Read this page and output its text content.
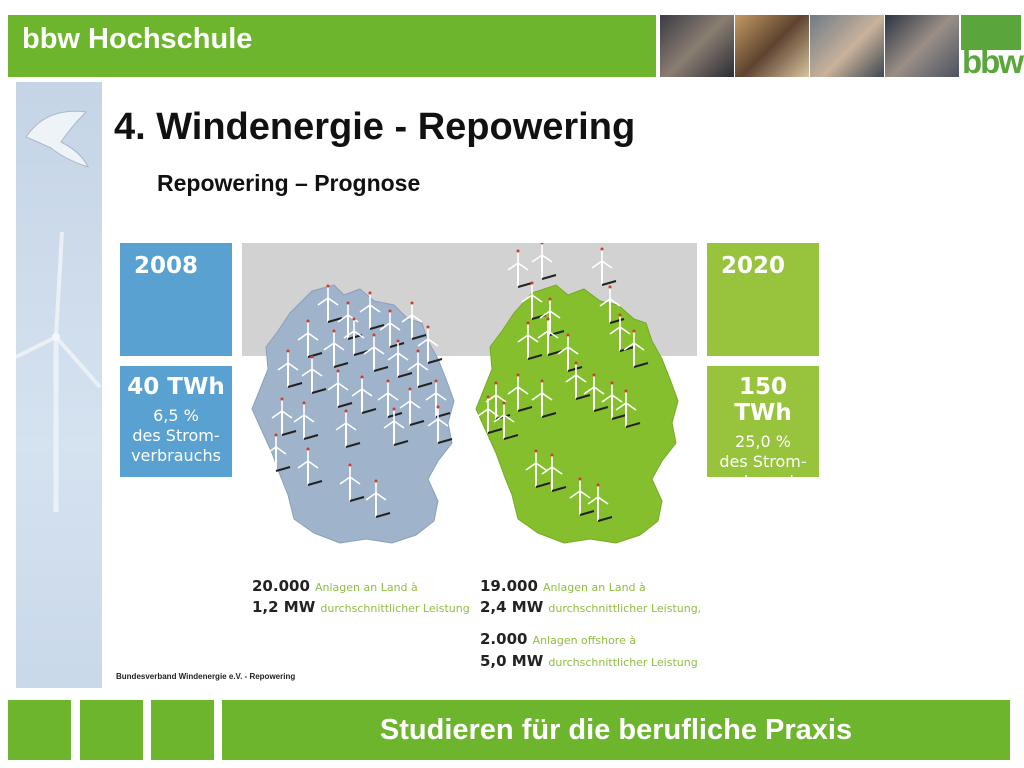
bbw Hochschule
bbw
4. Windenergie - Repowering
Repowering – Prognose
2008
40 TWh
6,5 %
des Strom-
verbrauchs
2020
150 TWh
25,0 %
des Strom-
verbrauchs
20.000 Anlagen an Land à
1,2 MW durchschnittlicher Leistung
19.000 Anlagen an Land à
2,4 MW durchschnittlicher Leistung,
2.000 Anlagen offshore à
5,0 MW durchschnittlicher Leistung
Bundesverband Windenergie e.V. - Repowering
Studieren für die berufliche Praxis
